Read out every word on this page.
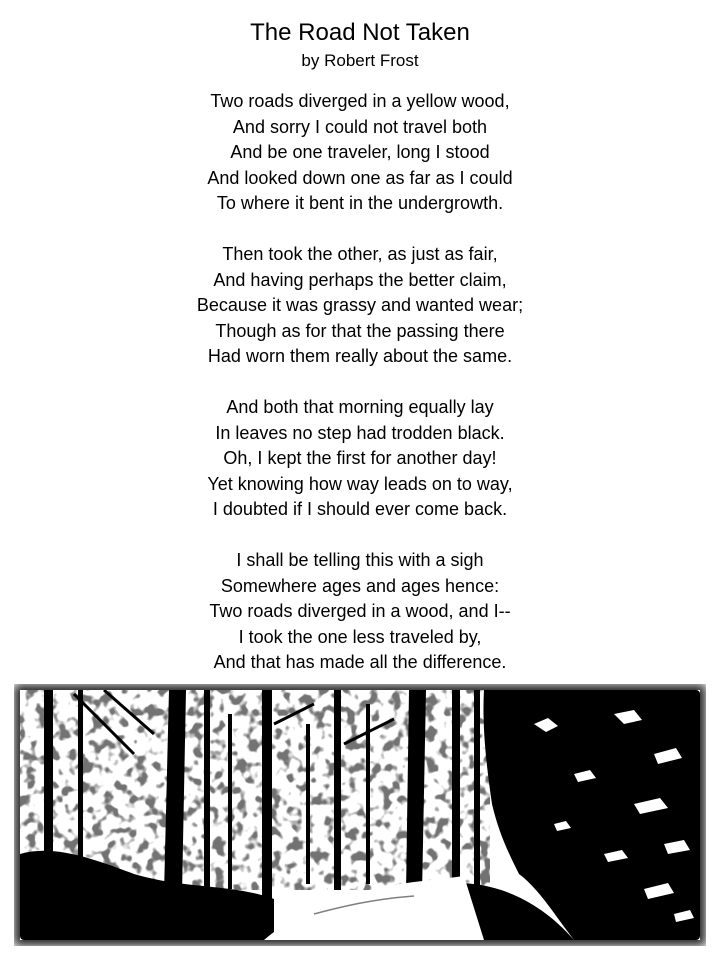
The Road Not Taken
by Robert Frost
Two roads diverged in a yellow wood,
And sorry I could not travel both
And be one traveler, long I stood
And looked down one as far as I could
To where it bent in the undergrowth.
Then took the other, as just as fair,
And having perhaps the better claim,
Because it was grassy and wanted wear;
Though as for that the passing there
Had worn them really about the same.
And both that morning equally lay
In leaves no step had trodden black.
Oh, I kept the first for another day!
Yet knowing how way leads on to way,
I doubted if I should ever come back.
I shall be telling this with a sigh
Somewhere ages and ages hence:
Two roads diverged in a wood, and I--
I took the one less traveled by,
And that has made all the difference.
